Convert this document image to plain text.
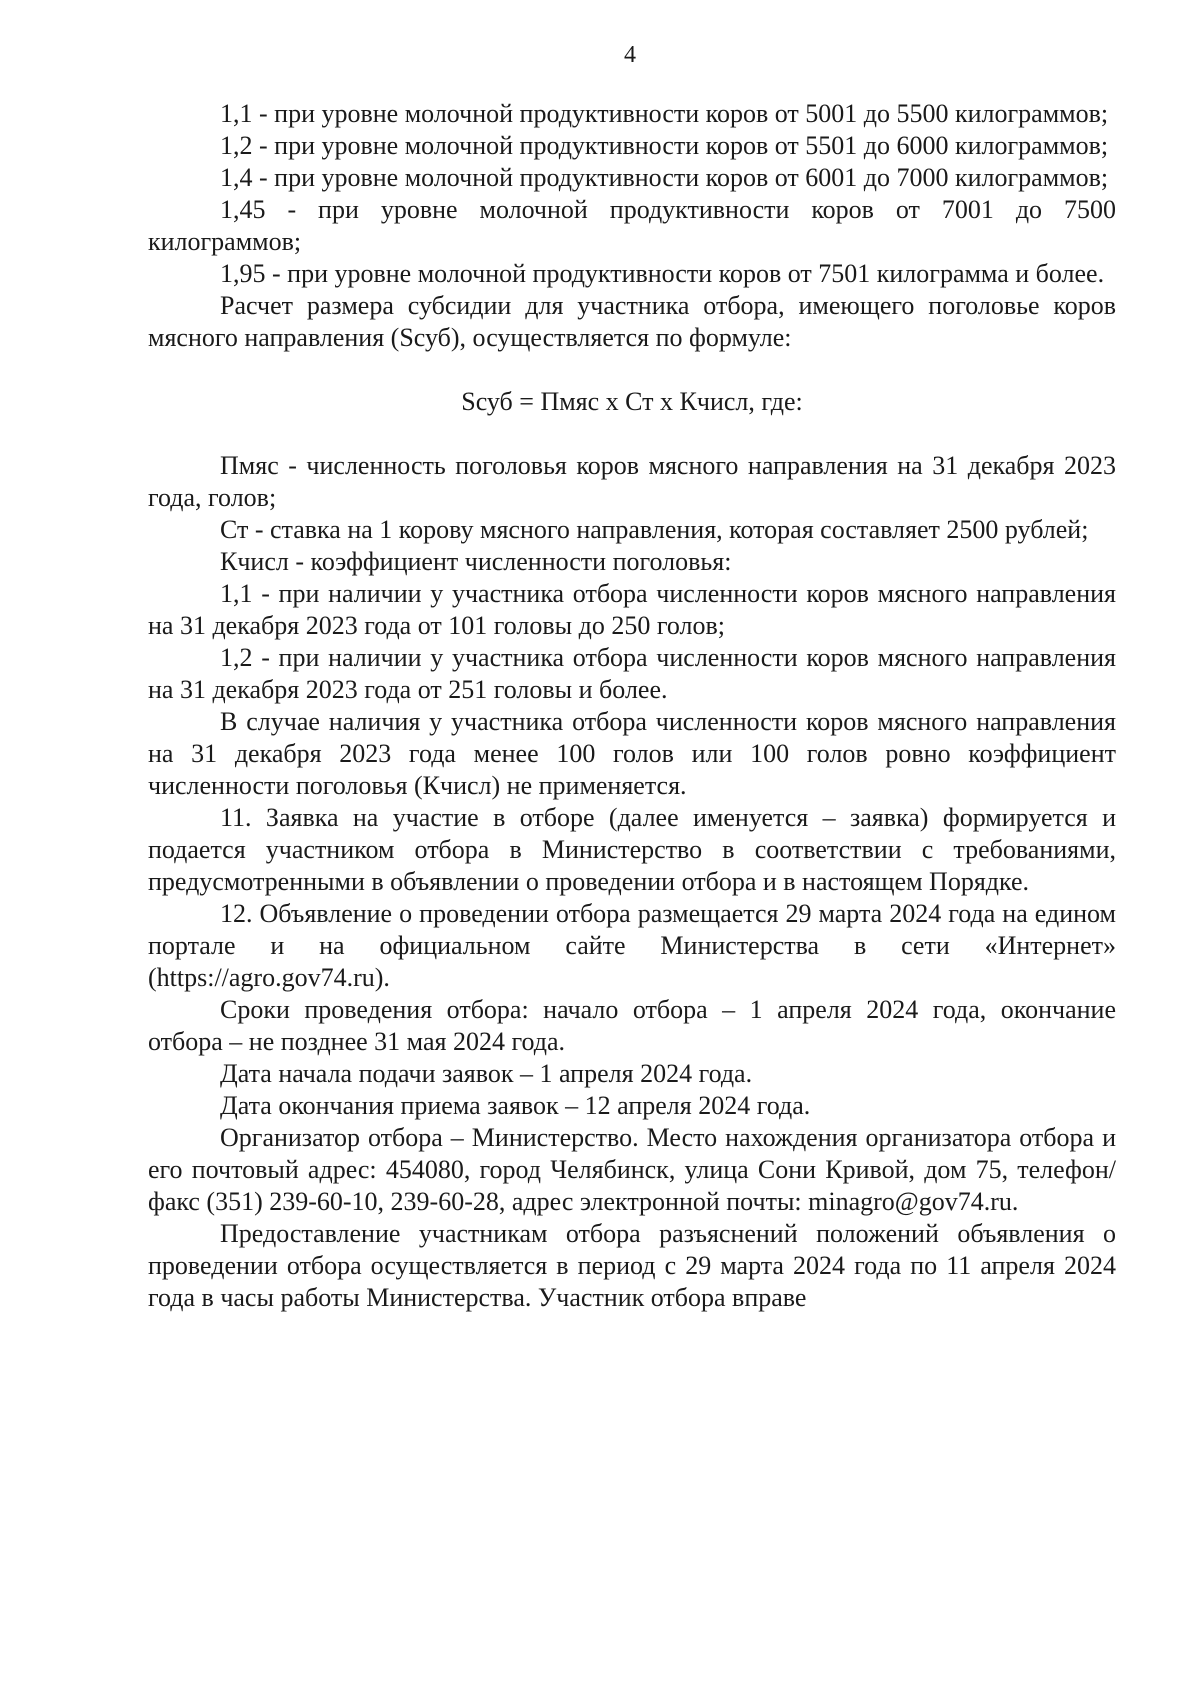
4

1,1 - при уровне молочной продуктивности коров от 5001 до 5500 килограммов;

1,2 - при уровне молочной продуктивности коров от 5501 до 6000 килограммов;

1,4 - при уровне молочной продуктивности коров от 6001 до 7000 килограммов;

1,45 - при уровне молочной продуктивности коров от 7001 до 7500 килограммов;

1,95 - при уровне молочной продуктивности коров от 7501 килограмма и более.

Расчет размера субсидии для участника отбора, имеющего поголовье коров мясного направления (Sсуб), осуществляется по формуле:

Sсуб = Пмяс x Ст x Кчисл, где:

Пмяс - численность поголовья коров мясного направления на 31 декабря 2023 года, голов;

Ст - ставка на 1 корову мясного направления, которая составляет 2500 рублей;

Кчисл - коэффициент численности поголовья:

1,1 - при наличии у участника отбора численности коров мясного направления на 31 декабря 2023 года от 101 головы до 250 голов;

1,2 - при наличии у участника отбора численности коров мясного направления на 31 декабря 2023 года от 251 головы и более.

В случае наличия у участника отбора численности коров мясного направления на 31 декабря 2023 года менее 100 голов или 100 голов ровно коэффициент численности поголовья (Кчисл) не применяется.

11. Заявка на участие в отборе (далее именуется – заявка) формируется и подается участником отбора в Министерство в соответствии с требованиями, предусмотренными в объявлении о проведении отбора и в настоящем Порядке.

12. Объявление о проведении отбора размещается 29 марта 2024 года на едином портале и на официальном сайте Министерства в сети «Интернет» (https://agro.gov74.ru).

Сроки проведения отбора: начало отбора – 1 апреля 2024 года, окончание отбора – не позднее 31 мая 2024 года.

Дата начала подачи заявок – 1 апреля 2024 года.

Дата окончания приема заявок – 12 апреля 2024 года.

Организатор отбора – Министерство. Место нахождения организатора отбора и его почтовый адрес: 454080, город Челябинск, улица Сони Кривой, дом 75, телефон/факс (351) 239-60-10, 239-60-28, адрес электронной почты: minagro@gov74.ru.

Предоставление участникам отбора разъяснений положений объявления о проведении отбора осуществляется в период с 29 марта 2024 года по 11 апреля 2024 года в часы работы Министерства. Участник отбора вправе
